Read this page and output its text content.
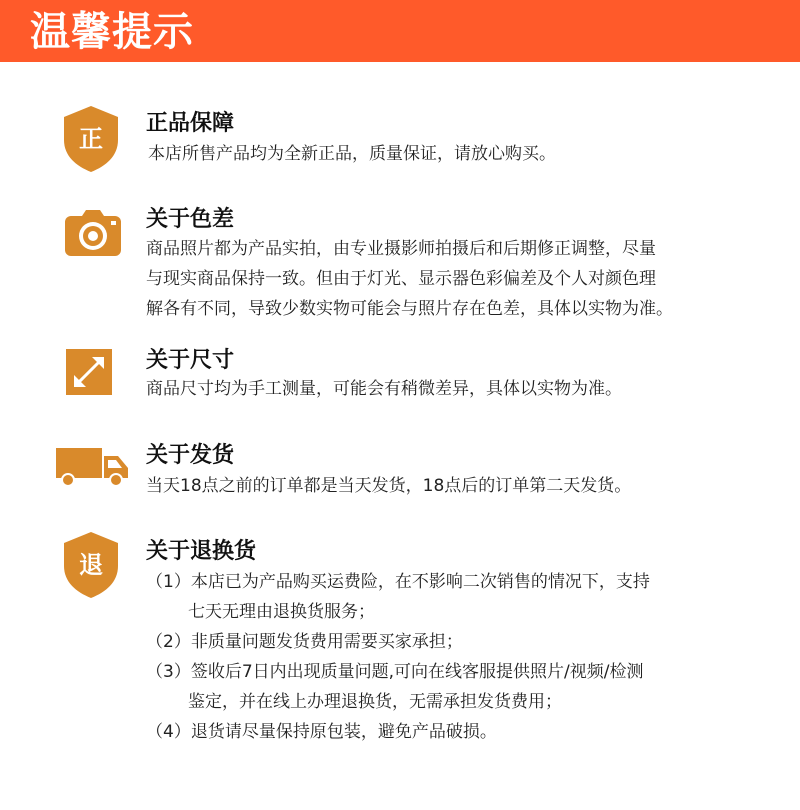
温馨提示
正
正品保障
本店所售产品均为全新正品，质量保证，请放心购买。
关于色差
商品照片都为产品实拍，由专业摄影师拍摄后和后期修正调整，尽量
与现实商品保持一致。但由于灯光、显示器色彩偏差及个人对颜色理
解各有不同，导致少数实物可能会与照片存在色差，具体以实物为准。
关于尺寸
商品尺寸均为手工测量，可能会有稍微差异，具体以实物为准。
关于发货
当天18点之前的订单都是当天发货，18点后的订单第二天发货。
退 关于退换货
（1）本店已为产品购买运费险，在不影响二次销售的情况下，支持
七天无理由退换货服务；
（2）非质量问题发货费用需要买家承担；
（3）签收后7日内出现质量问题,可向在线客服提供照片/视频/检测
鉴定，并在线上办理退换货，无需承担发货费用；
（4）退货请尽量保持原包装，避免产品破损。
